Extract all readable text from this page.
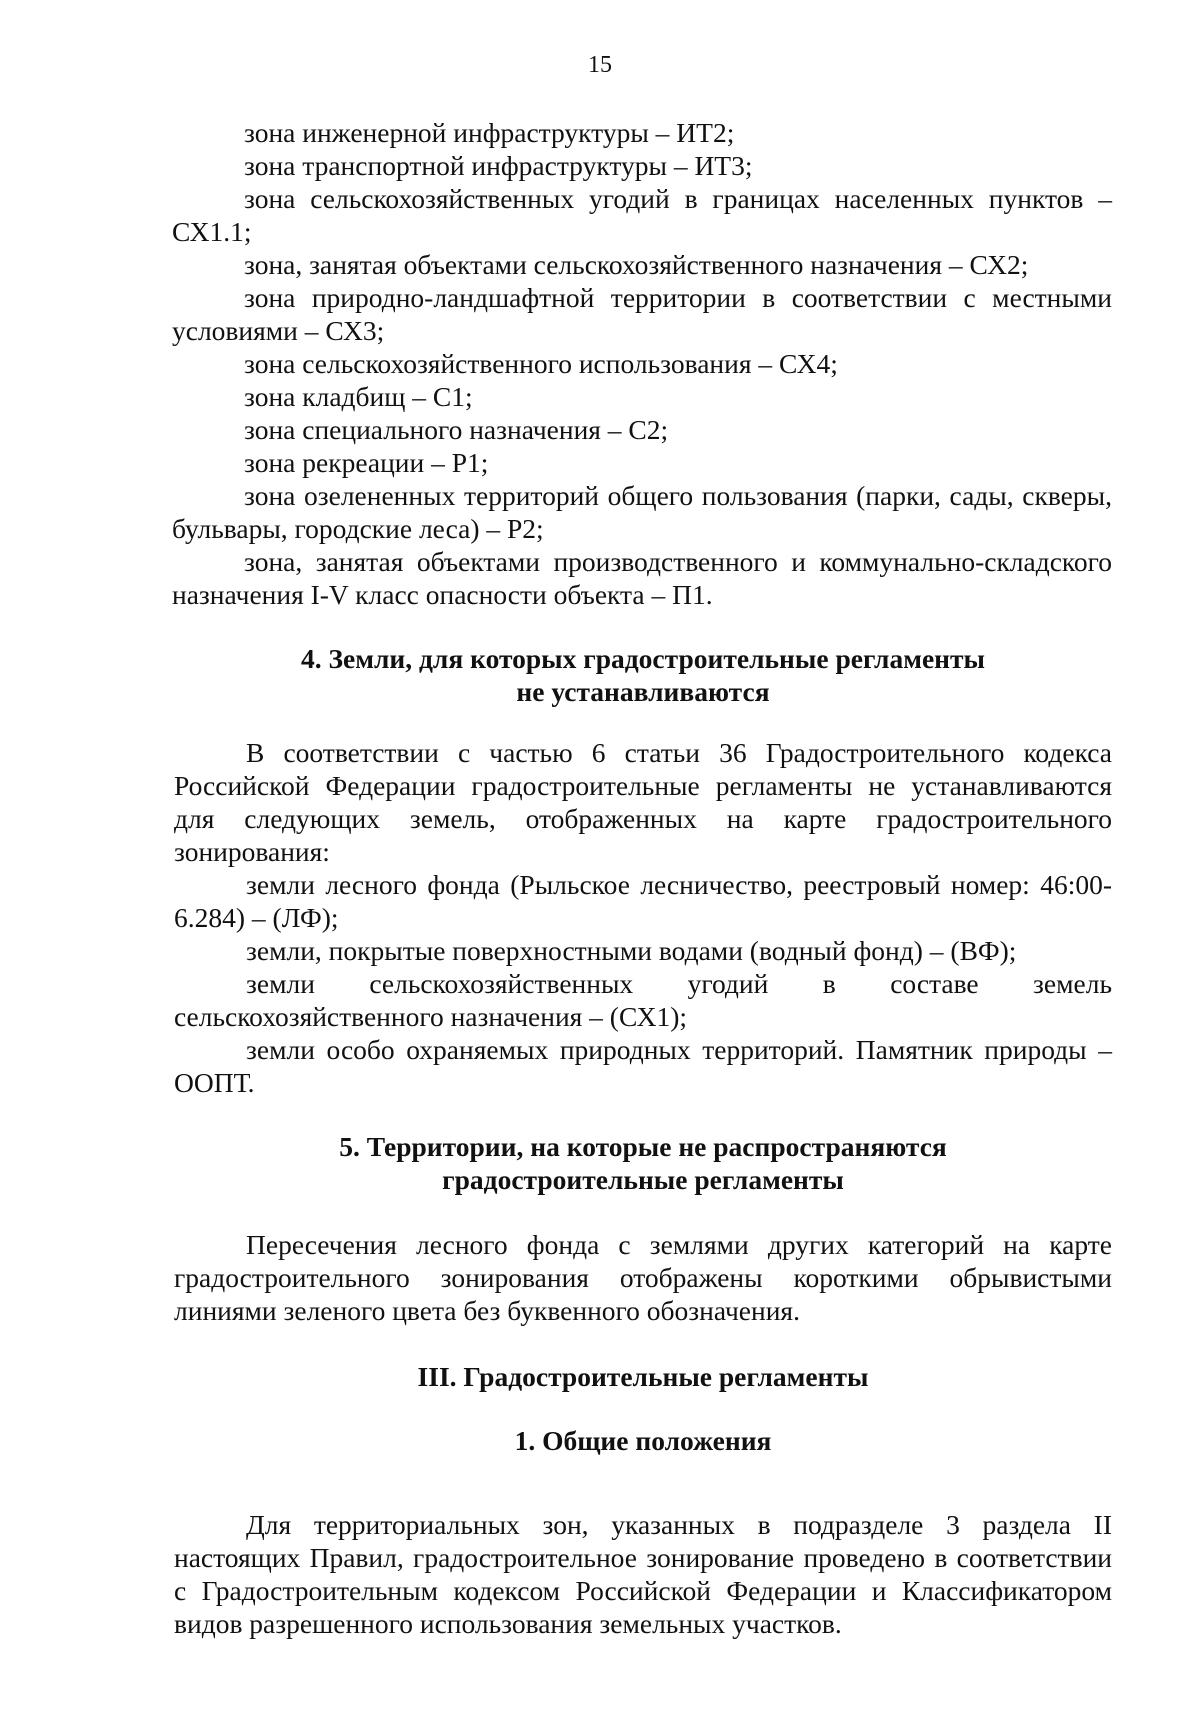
15

зона инженерной инфраструктуры – ИТ2;

зона транспортной инфраструктуры – ИТ3;

зона сельскохозяйственных угодий в границах населенных пунктов – СХ1.1;

зона, занятая объектами сельскохозяйственного назначения – СХ2;

зона природно-ландшафтной территории в соответствии с местными условиями – СХ3;

зона сельскохозяйственного использования – СХ4;

зона кладбищ – С1;

зона специального назначения – С2;

зона рекреации – Р1;

зона озелененных территорий общего пользования (парки, сады, скверы, бульвары, городские леса) – Р2;

зона, занятая объектами производственного и коммунально-складского назначения I-V класс опасности объекта – П1.

4. Земли, для которых градостроительные регламенты
не устанавливаются

В соответствии с частью 6 статьи 36 Градостроительного кодекса Российской Федерации градостроительные регламенты не устанавливаются для следующих земель, отображенных на карте градостроительного зонирования:

земли лесного фонда (Рыльское лесничество, реестровый номер: 46:00-6.284) – (ЛФ);

земли, покрытые поверхностными водами (водный фонд) – (ВФ);

земли сельскохозяйственных угодий в составе земель сельскохозяйственного назначения – (СХ1);

земли особо охраняемых природных территорий. Памятник природы – ООПТ.

5. Территории, на которые не распространяются
градостроительные регламенты

Пересечения лесного фонда с землями других категорий на карте градостроительного зонирования отображены короткими обрывистыми линиями зеленого цвета без буквенного обозначения.

III. Градостроительные регламенты
1. Общие положения

Для территориальных зон, указанных в подразделе 3 раздела II настоящих Правил, градостроительное зонирование проведено в соответствии с Градостроительным кодексом Российской Федерации и Классификатором видов разрешенного использования земельных участков.
